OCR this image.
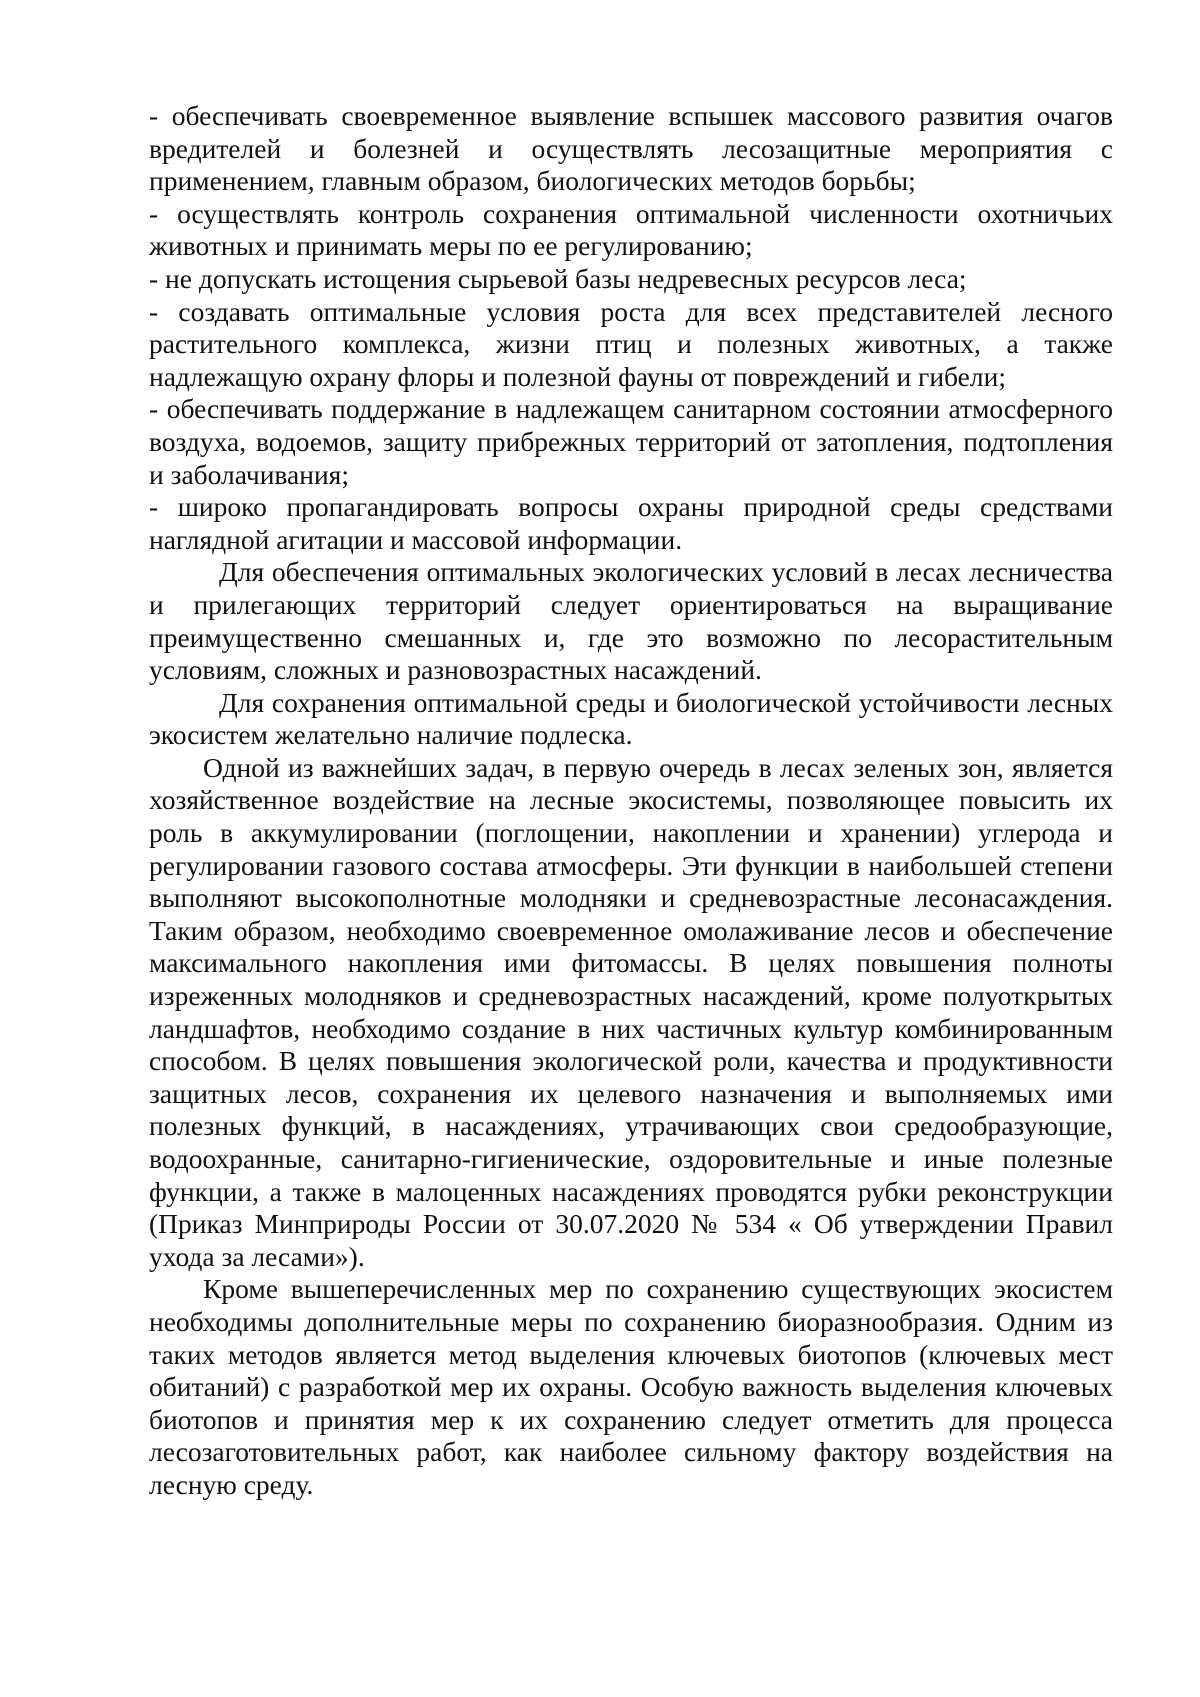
- обеспечивать своевременное выявление вспышек массового развития очагов вредителей и болезней и осуществлять лесозащитные мероприятия с применением, главным образом, биологических методов борьбы;

- осуществлять контроль сохранения оптимальной численности охотничьих животных и принимать меры по ее регулированию;

- не допускать истощения сырьевой базы недревесных ресурсов леса;

- создавать оптимальные условия роста для всех представителей лесного растительного комплекса, жизни птиц и полезных животных, а также надлежащую охрану флоры и полезной фауны от повреждений и гибели;

- обеспечивать поддержание в надлежащем санитарном состоянии атмосферного воздуха, водоемов, защиту прибрежных территорий от затопления, подтопления и заболачивания;

- широко пропагандировать вопросы охраны природной среды средствами наглядной агитации и массовой информации.

Для обеспечения оптимальных экологических условий в лесах лесничества и прилегающих территорий следует ориентироваться на выращивание преимущественно смешанных и, где это возможно по лесорастительным условиям, сложных и разновозрастных насаждений.

Для сохранения оптимальной среды и биологической устойчивости лесных экосистем желательно наличие подлеска.

Одной из важнейших задач, в первую очередь в лесах зеленых зон, является хозяйственное воздействие на лесные экосистемы, позволяющее повысить их роль в аккумулировании (поглощении, накоплении и хранении) углерода и регулировании газового состава атмосферы. Эти функции в наибольшей степени выполняют высокополнотные молодняки и средневозрастные лесонасаждения. Таким образом, необходимо своевременное омолаживание лесов и обеспечение максимального накопления ими фитомассы. В целях повышения полноты изреженных молодняков и средневозрастных насаждений, кроме полуоткрытых ландшафтов, необходимо создание в них частичных культур комбинированным способом. В целях повышения экологической роли, качества и продуктивности защитных лесов, сохранения их целевого назначения и выполняемых ими полезных функций, в насаждениях, утрачивающих свои средообразующие, водоохранные, санитарно-гигиенические, оздоровительные и иные полезные функции, а также в малоценных насаждениях проводятся рубки реконструкции (Приказ Минприроды России от 30.07.2020 № 534 « Об утверждении Правил ухода за лесами»).

Кроме вышеперечисленных мер по сохранению существующих экосистем необходимы дополнительные меры по сохранению биоразнообразия. Одним из таких методов является метод выделения ключевых биотопов (ключевых мест обитаний) с разработкой мер их охраны. Особую важность выделения ключевых биотопов и принятия мер к их сохранению следует отметить для процесса лесозаготовительных работ, как наиболее сильному фактору воздействия на лесную среду.
